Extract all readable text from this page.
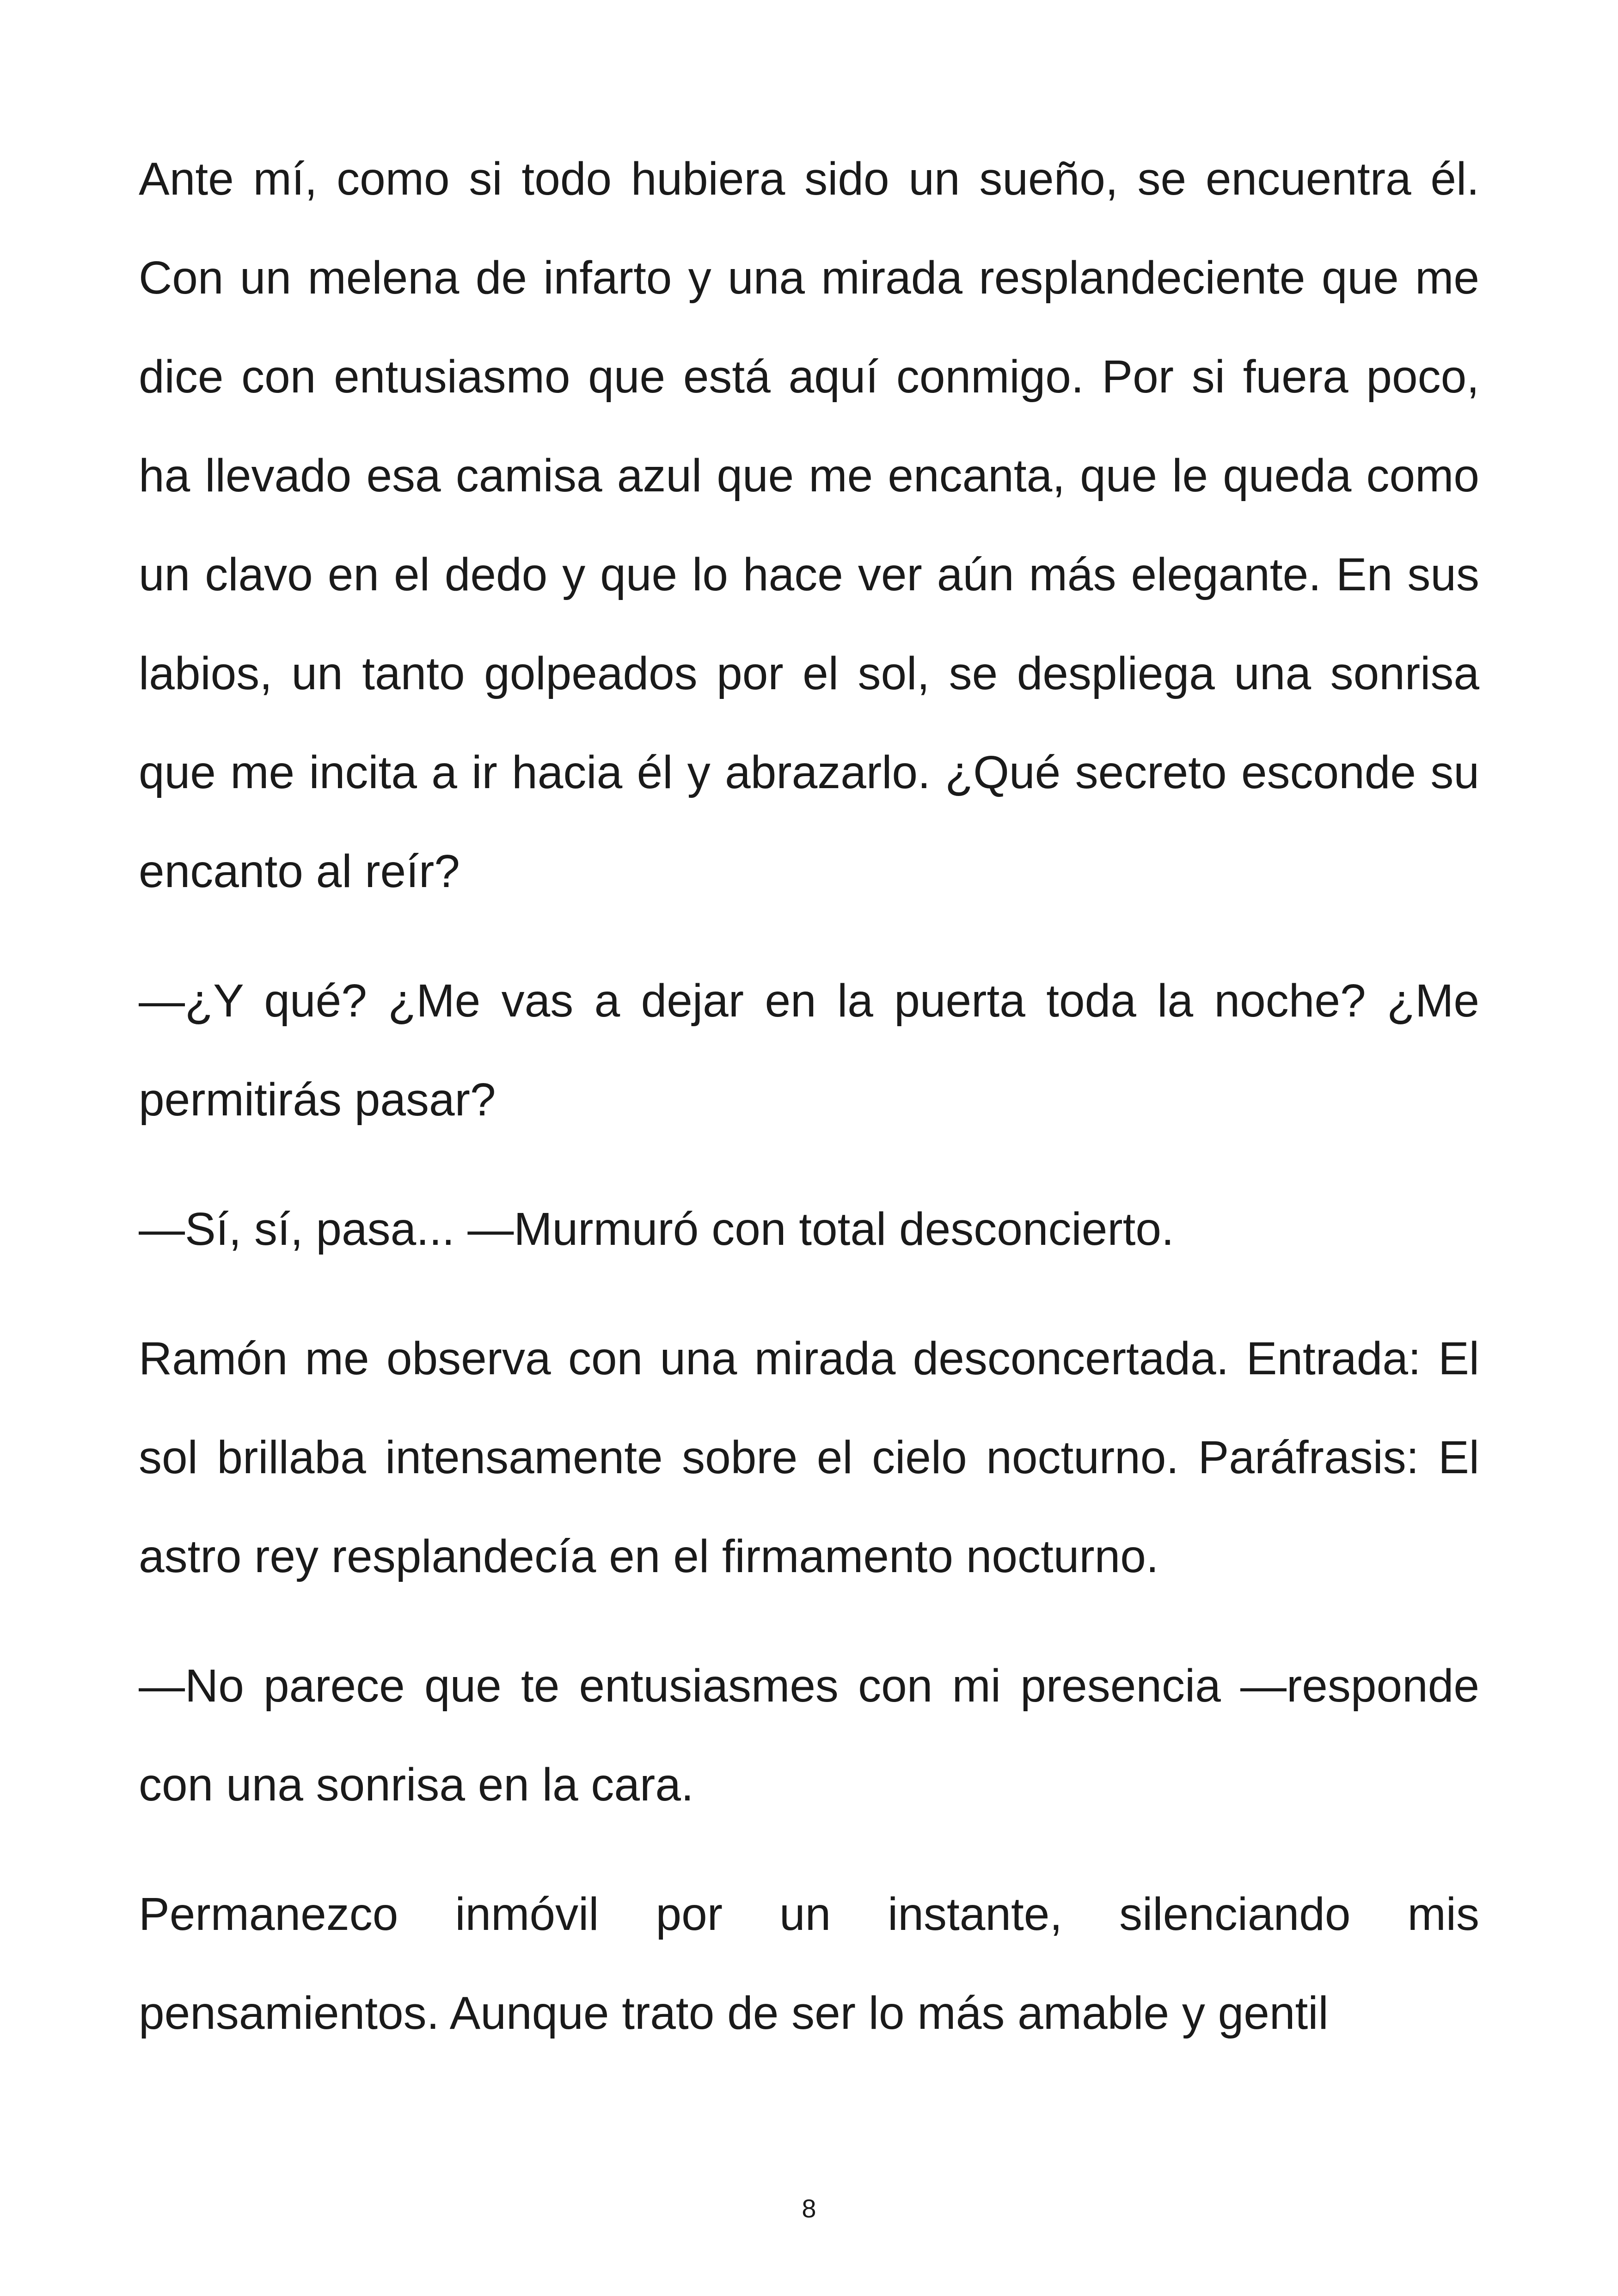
Ante mí, como si todo hubiera sido un sueño, se encuentra él. Con un melena de infarto y una mirada resplandeciente que me dice con entusiasmo que está aquí conmigo. Por si fuera poco, ha llevado esa camisa azul que me encanta, que le queda como un clavo en el dedo y que lo hace ver aún más elegante. En sus labios, un tanto golpeados por el sol, se despliega una sonrisa que me incita a ir hacia él y abrazarlo. ¿Qué secreto esconde su encanto al reír?

—¿Y qué? ¿Me vas a dejar en la puerta toda la noche? ¿Me permitirás pasar?

—Sí, sí, pasa... —Murmuró con total desconcierto.

Ramón me observa con una mirada desconcertada. Entrada: El sol brillaba intensamente sobre el cielo nocturno. Paráfrasis: El astro rey resplandecía en el firmamento nocturno.

—No parece que te entusiasmes con mi presencia —responde con una sonrisa en la cara.

Permanezco inmóvil por un instante, silenciando mis pensamientos. Aunque trato de ser lo más amable y gentil

8
